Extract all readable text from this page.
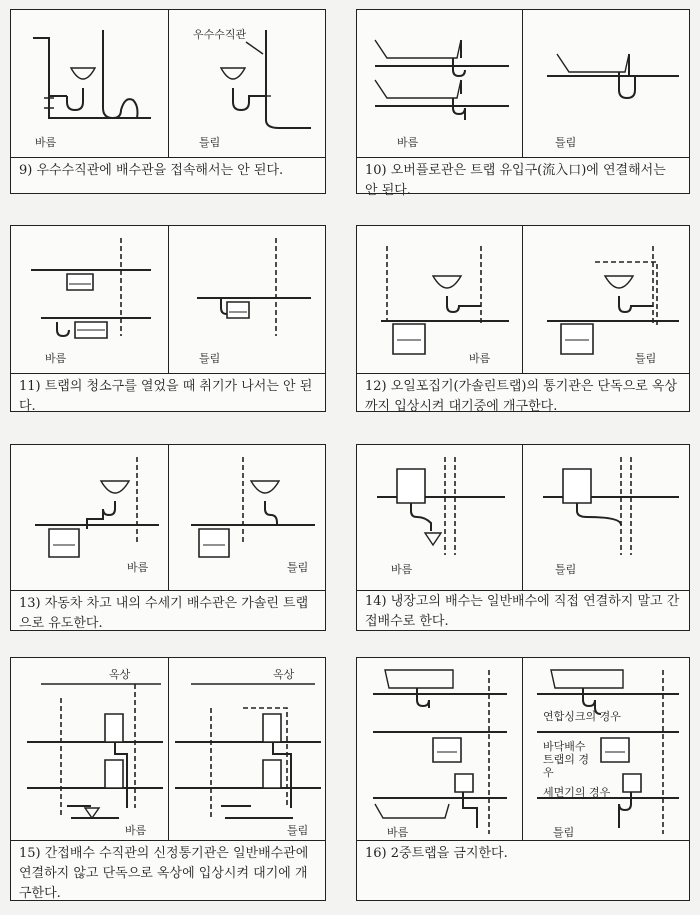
우수수직관
바름	틀림
9) 우수수직관에 배수관을 접속해서는 안 된다.
바름	틀림
10) 오버플로관은 트랩 유입구(流入口)에 연결해서는 안 된다.
바름	틀림
11) 트랩의 청소구를 열었을 때 취기가 나서는 안 된다.
바름	틀림
12) 오일포집기(가솔린트랩)의 통기관은 단독으로 옥상까지 입상시켜 대기중에 개구한다.
바름	틀림
13) 자동차 차고 내의 수세기 배수관은 가솔린 트랩으로 유도한다.
바름	틀림
14) 냉장고의 배수는 일반배수에 직접 연결하지 말고 간접배수로 한다.
옥상	옥상
바름	틀림
15) 간접배수 수직관의 신정통기관은 일반배수관에 연결하지 않고 단독으로 옥상에 입상시켜 대기에 개구한다.
연합싱크의 경우
바닥배수 트랩의 경우
세면기의 경우
바름	틀림
16) 2중트랩을 금지한다.
